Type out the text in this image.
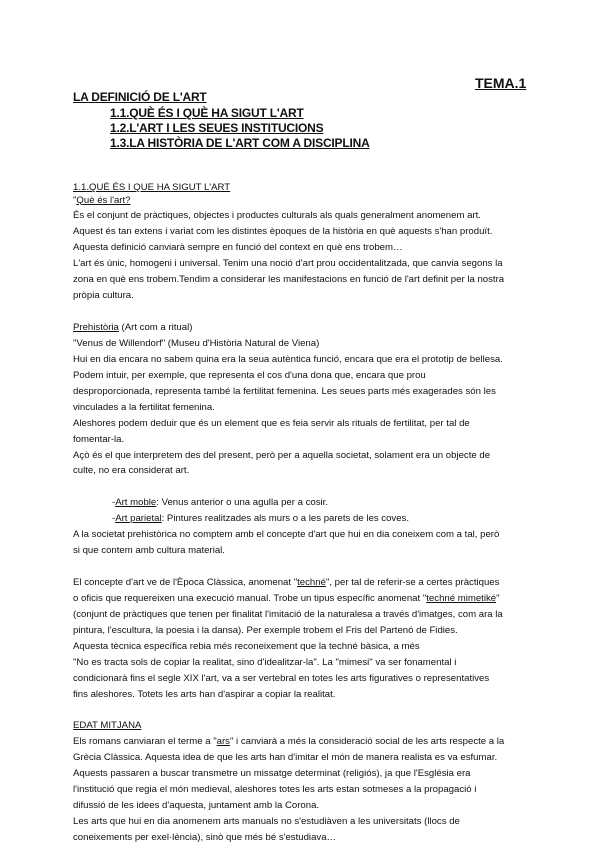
TEMA.1
LA DEFINICIÓ DE L'ART
1.1.QUÈ ÉS I QUÈ HA SIGUT L'ART
1.2.L'ART I LES SEUES INSTITUCIONS
1.3.LA HISTÒRIA DE L'ART COM A DISCIPLINA
1.1.QUÈ ÉS I QUE HA SIGUT L'ART
"Què és l'art?
És el conjunt de pràctiques, objectes i productes culturals als quals generalment anomenem art.
Aquest és tan extens i variat com les distintes èpoques de la història en què aquests s'han produït.
Aquesta definició canviarà sempre en funció del context en què ens trobem…
L'art és únic, homogeni i universal. Tenim una noció d'art prou occidentalitzada, que canvia segons la
zona en què ens trobem.Tendim a considerar les manifestacions en funció de l'art definit per la nostra
pròpia cultura.
Prehistòria (Art com a ritual)
"Venus de Willendorf" (Museu d'Història Natural de Viena)
Hui en dia encara no sabem quina era la seua autèntica funció, encara que era el prototip de bellesa.
Podem intuir, per exemple, que representa el cos d'una dona que, encara que prou
desproporcionada, representa també la fertilitat femenina. Les seues parts més exagerades són les
vinculades a la fertilitat femenina.
Aleshores podem deduir que és un element que es feia servir als rituals de fertilitat, per tal de
fomentar-la.
Açò és el que interpretem des del present, però per a aquella societat, solament era un objecte de
culte, no era considerat art.
-Art moble: Venus anterior o una agulla per a cosir.
-Art parietal: Pintures realitzades als murs o a les parets de les coves.
A la societat prehistòrica no comptem amb el concepte d'art que hui en dia coneixem com a tal, però
si que contem amb cultura material.
El concepte d'art ve de l'Època Clàssica, anomenat "techné", per tal de referir-se a certes pràctiques
o oficis que requereixen una execució manual. Trobe un tipus específic anomenat "techné mimetiké"
(conjunt de pràctiques que tenen per finalitat l'imitació de la naturalesa a través d'imatges, com ara la
pintura, l'escultura, la poesia i la dansa). Per exemple trobem el Fris del Partenó de Fidies.
Aquesta tècnica específica rebia més reconeixement que la techné bàsica, a més
"No es tracta sols de copiar la realitat, sino d'idealitzar-la". La "mimesi" va ser fonamental i
condicionarà fins el segle XIX l'art, va a ser vertebral en totes les arts figuratives o representatives
fins aleshores. Totets les arts han d'aspirar a copiar la realitat.
EDAT MITJANA
Els romans canviaran el terme a "ars" i canviarà a més la consideració social de les arts respecte a la
Grècia Clàssica. Aquesta idea de que les arts han d'imitar el món de manera realista es va esfumar.
Aquests passaren a buscar transmetre un missatge determinat (religiós), ja que l'Església era
l'institució que regia el món medieval, aleshores totes les arts estan sotmeses a la propagació i
difussió de les idees d'aquesta, juntament amb la Corona.
Les arts que hui en dia anomenem arts manuals no s'estudiàven a les universitats (llocs de
coneixements per exel·lència), sinò que més bé s'estudiava…
